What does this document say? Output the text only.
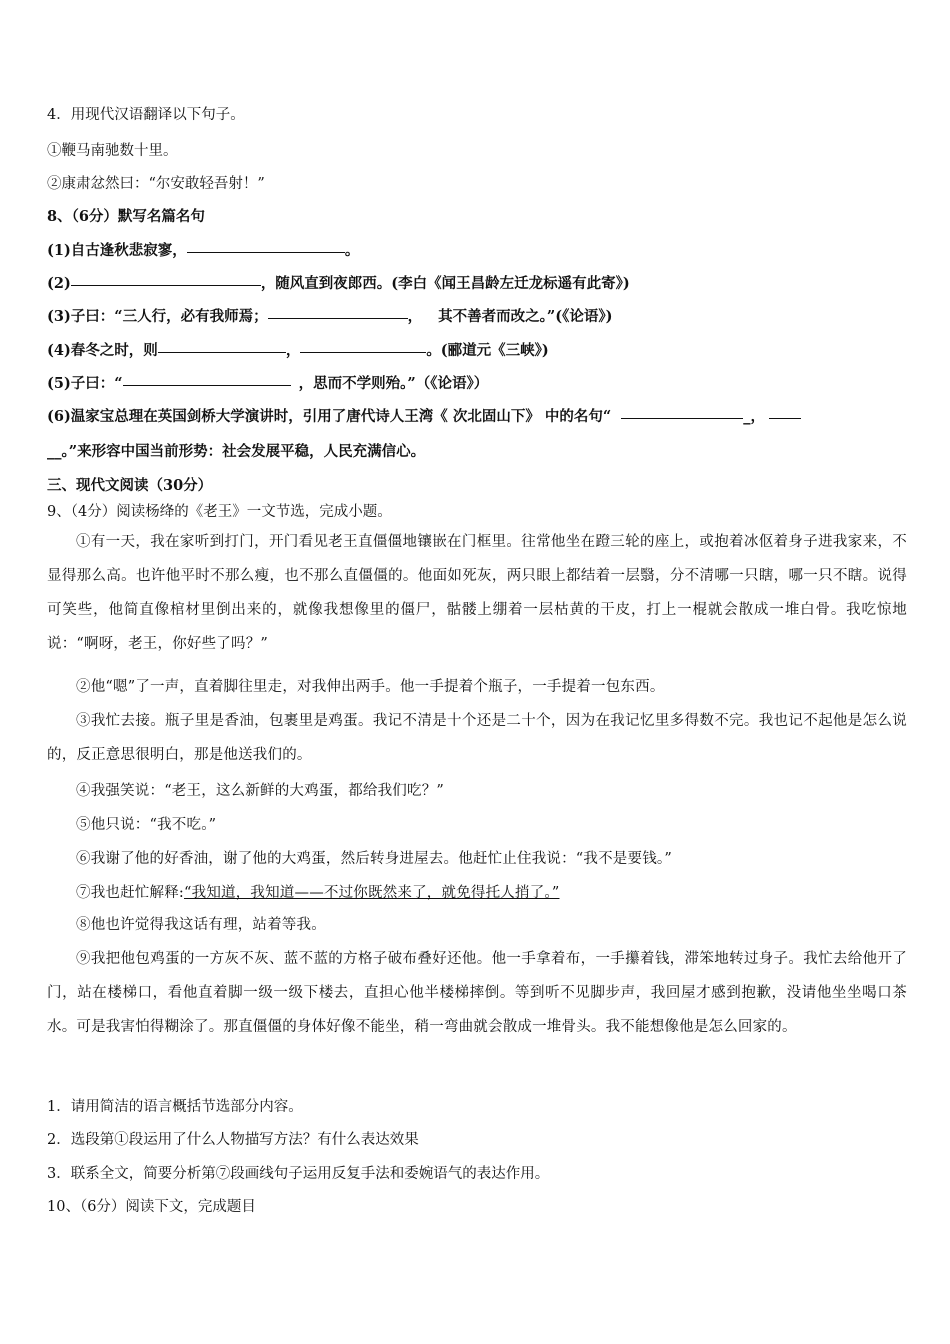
4．用现代汉语翻译以下句子。
①鞭马南驰数十里。
②康肃忿然曰：“尔安敢轻吾射！”
8、（6分）默写名篇名句
(1)自古逢秋悲寂寥，	。
(2)	，随风直到夜郎西。(李白《闻王昌龄左迁龙标遥有此寄》)
(3)子曰：“三人行，必有我师焉；	， 其不善者而改之。”(《论语》)
(4)春冬之时，则	，	。(郦道元《三峡》)
(5)子曰：“	，思而不学则殆。”（《论语》）
(6)温家宝总理在英国剑桥大学演讲时，引用了唐代诗人王湾《 次北固山下》 中的名句“	_，
__。”来形容中国当前形势：社会发展平稳，人民充满信心。
三、现代文阅读（30分）
9、（4分）阅读杨绛的《老王》一文节选，完成小题。
①有一天，我在家听到打门，开门看见老王直僵僵地镶嵌在门框里。往常他坐在蹬三轮的座上，或抱着冰伛着身子进我家来，不显得那么高。也许他平时不那么瘦，也不那么直僵僵的。他面如死灰，两只眼上都结着一层翳，分不清哪一只瞎，哪一只不瞎。说得可笑些，他简直像棺材里倒出来的，就像我想像里的僵尸，骷髅上绷着一层枯黄的干皮，打上一棍就会散成一堆白骨。我吃惊地说：“啊呀，老王，你好些了吗？”
②他“嗯”了一声，直着脚往里走，对我伸出两手。他一手提着个瓶子，一手提着一包东西。
③我忙去接。瓶子里是香油，包裹里是鸡蛋。我记不清是十个还是二十个，因为在我记忆里多得数不完。我也记不起他是怎么说的，反正意思很明白，那是他送我们的。
④我强笑说：“老王，这么新鲜的大鸡蛋，都给我们吃？”
⑤他只说：“我不吃。”
⑥我谢了他的好香油，谢了他的大鸡蛋，然后转身进屋去。他赶忙止住我说：“我不是要钱。”
⑦我也赶忙解释:“我知道，我知道——不过你既然来了，就免得托人捎了。”
⑧他也许觉得我这话有理，站着等我。
⑨我把他包鸡蛋的一方灰不灰、蓝不蓝的方格子破布叠好还他。他一手拿着布，一手攥着钱，滞笨地转过身子。我忙去给他开了门，站在楼梯口，看他直着脚一级一级下楼去，直担心他半楼梯摔倒。等到听不见脚步声，我回屋才感到抱歉，没请他坐坐喝口茶水。可是我害怕得糊涂了。那直僵僵的身体好像不能坐，稍一弯曲就会散成一堆骨头。我不能想像他是怎么回家的。
1．请用简洁的语言概括节选部分内容。
2．选段第①段运用了什么人物描写方法？有什么表达效果
3．联系全文，简要分析第⑦段画线句子运用反复手法和委婉语气的表达作用。
10、（6分）阅读下文，完成题目
